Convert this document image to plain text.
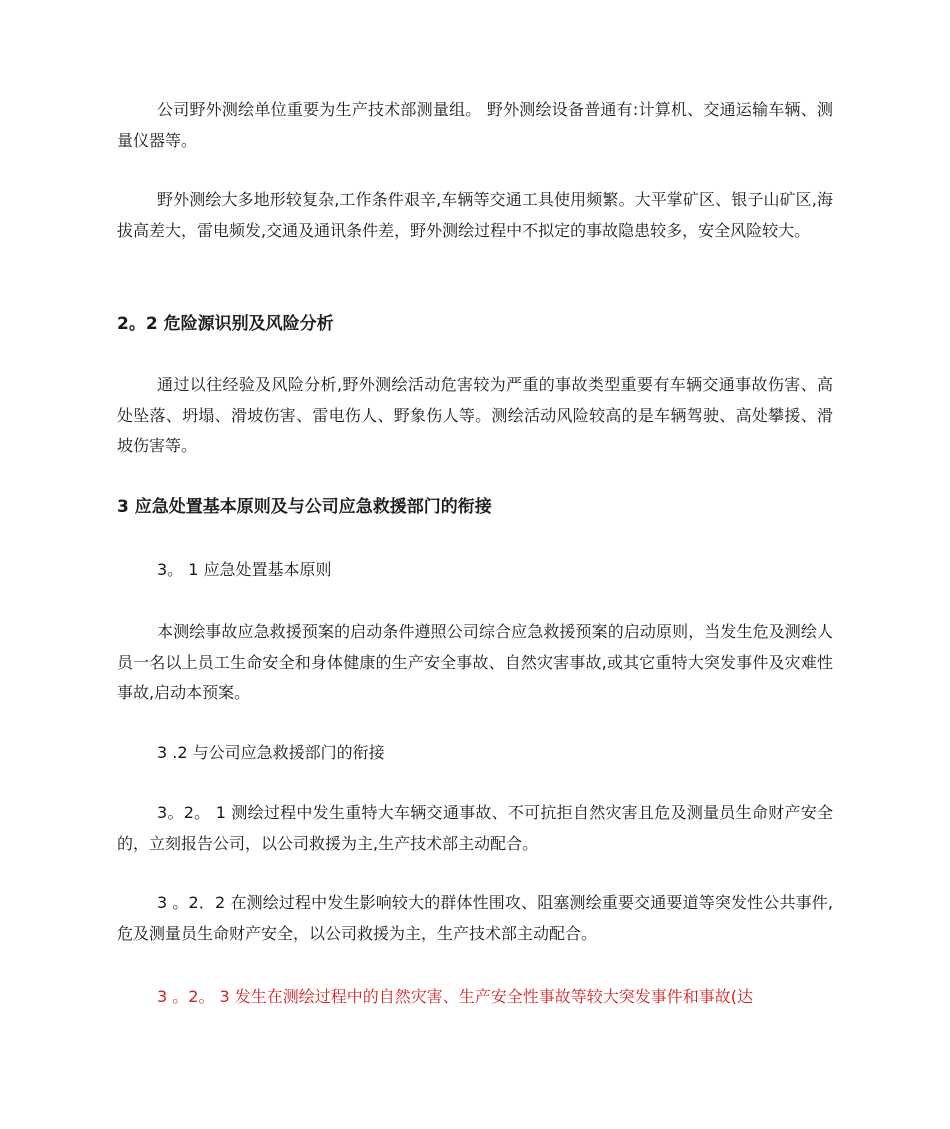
公司野外测绘单位重要为生产技术部测量组。 野外测绘设备普通有:计算机、交通运输车辆、测量仪器等。

野外测绘大多地形较复杂,工作条件艰辛,车辆等交通工具使用频繁。大平掌矿区、银子山矿区,海拔高差大，雷电频发,交通及通讯条件差，野外测绘过程中不拟定的事故隐患较多，安全风险较大。

2。2 危险源识别及风险分析

通过以往经验及风险分析,野外测绘活动危害较为严重的事故类型重要有车辆交通事故伤害、高处坠落、坍塌、滑坡伤害、雷电伤人、野象伤人等。测绘活动风险较高的是车辆驾驶、高处攀援、滑坡伤害等。

3 应急处置基本原则及与公司应急救援部门的衔接

3。 1 应急处置基本原则

本测绘事故应急救援预案的启动条件遵照公司综合应急救援预案的启动原则，当发生危及测绘人员一名以上员工生命安全和身体健康的生产安全事故、自然灾害事故,或其它重特大突发事件及灾难性事故,启动本预案。

3 .2 与公司应急救援部门的衔接

3。2。 1 测绘过程中发生重特大车辆交通事故、不可抗拒自然灾害且危及测量员生命财产安全的，立刻报告公司，以公司救援为主,生产技术部主动配合。

3 。2．2 在测绘过程中发生影响较大的群体性围攻、阻塞测绘重要交通要道等突发性公共事件,危及测量员生命财产安全，以公司救援为主，生产技术部主动配合。

3 。2。 3 发生在测绘过程中的自然灾害、生产安全性事故等较大突发事件和事故(达
